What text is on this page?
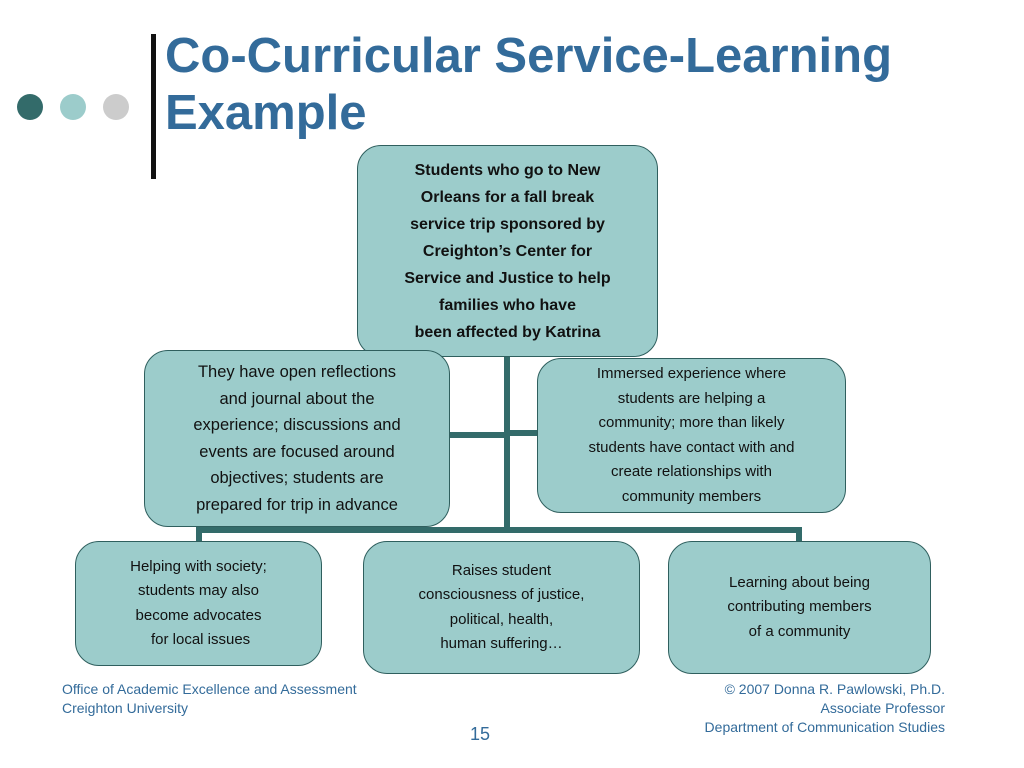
Co-Curricular Service-Learning
Example
Students who go to New
Orleans for a fall break
service trip sponsored by
Creighton’s Center for
Service and Justice to help
families who have
been affected by Katrina
They have open reflections
and journal about the
experience; discussions and
events are focused around
objectives; students are
prepared for trip in advance
Immersed experience where
students are helping a
community; more than likely
students have contact with and
create relationships with
community members
Helping with society;
students may also
become advocates
for local issues
Raises student
consciousness of justice,
political, health,
human suffering…
Learning about being
contributing members
of a community
Office of Academic Excellence and Assessment
Creighton University
© 2007 Donna R. Pawlowski, Ph.D.
Associate Professor
Department of Communication Studies
15
